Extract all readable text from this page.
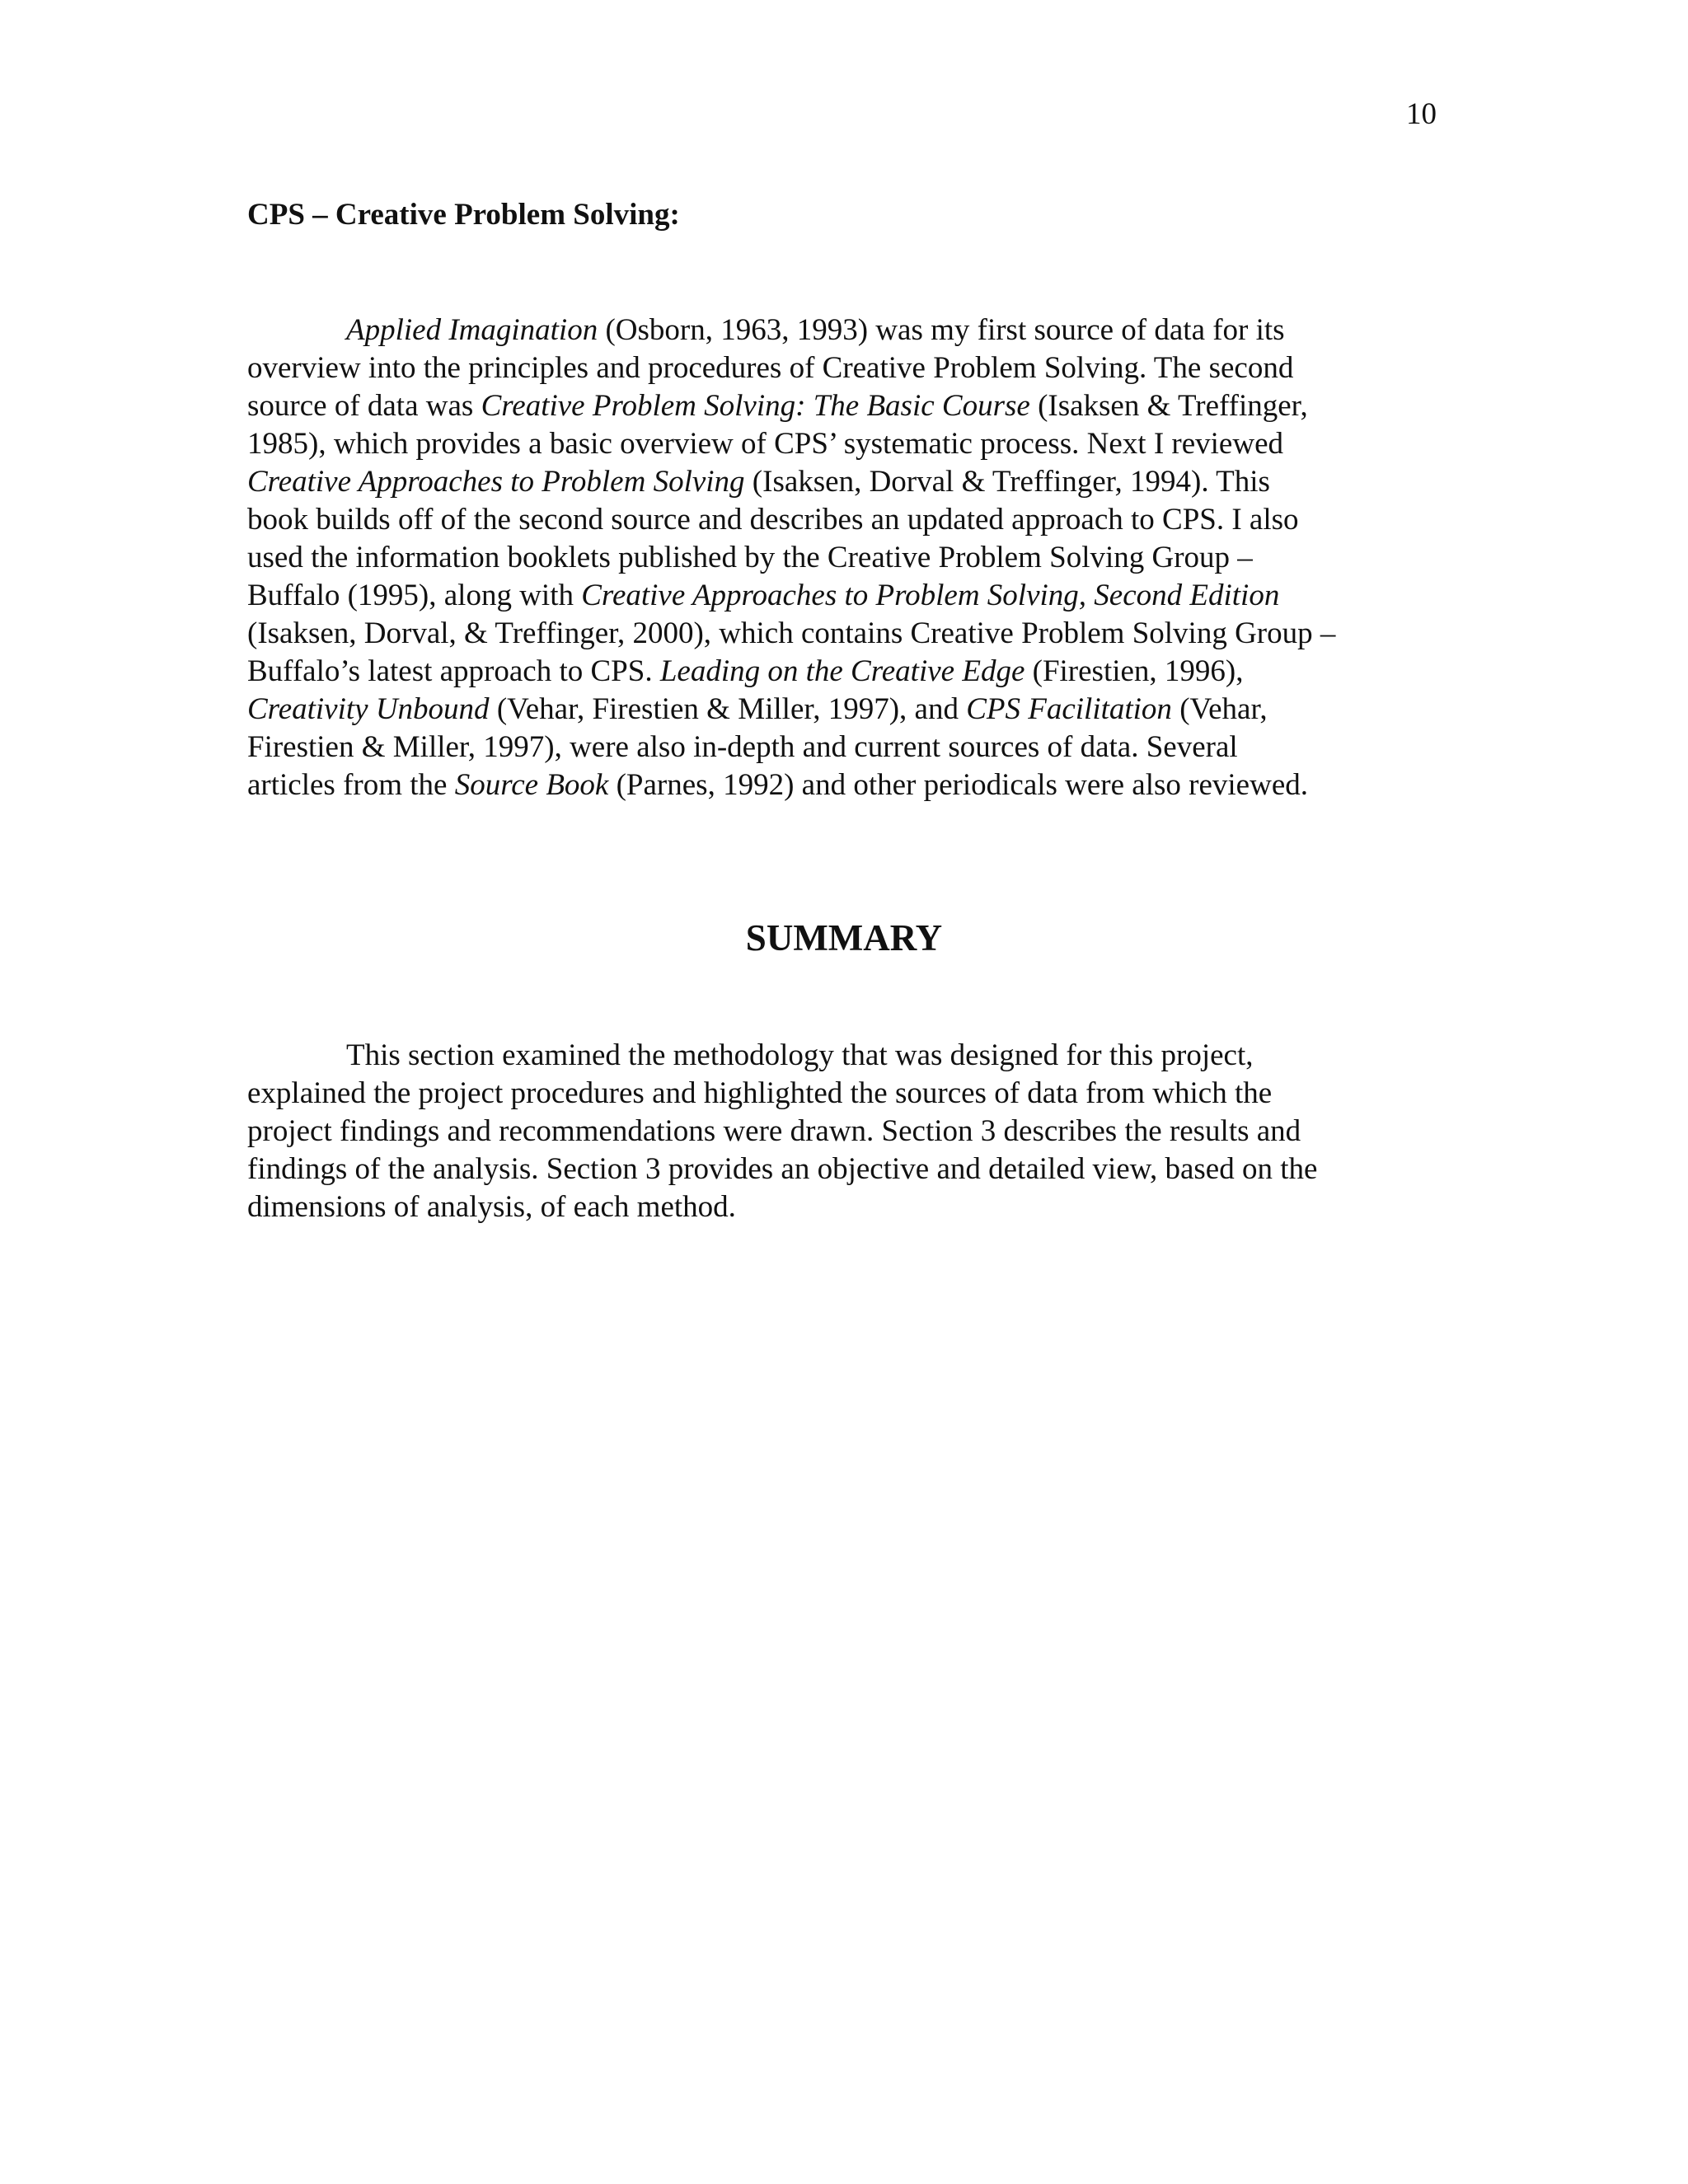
10
CPS – Creative Problem Solving:
Applied Imagination (Osborn, 1963, 1993) was my first source of data for its
overview into the principles and procedures of Creative Problem Solving. The second
source of data was Creative Problem Solving: The Basic Course (Isaksen & Treffinger,
1985), which provides a basic overview of CPS’ systematic process. Next I reviewed
Creative Approaches to Problem Solving (Isaksen, Dorval & Treffinger, 1994). This
book builds off of the second source and describes an updated approach to CPS. I also
used the information booklets published by the Creative Problem Solving Group –
Buffalo (1995), along with Creative Approaches to Problem Solving, Second Edition
(Isaksen, Dorval, & Treffinger, 2000), which contains Creative Problem Solving Group –
Buffalo’s latest approach to CPS. Leading on the Creative Edge (Firestien, 1996),
Creativity Unbound (Vehar, Firestien & Miller, 1997), and CPS Facilitation (Vehar,
Firestien & Miller, 1997), were also in-depth and current sources of data. Several
articles from the Source Book (Parnes, 1992) and other periodicals were also reviewed.
SUMMARY
This section examined the methodology that was designed for this project,
explained the project procedures and highlighted the sources of data from which the
project findings and recommendations were drawn. Section 3 describes the results and
findings of the analysis. Section 3 provides an objective and detailed view, based on the
dimensions of analysis, of each method.
